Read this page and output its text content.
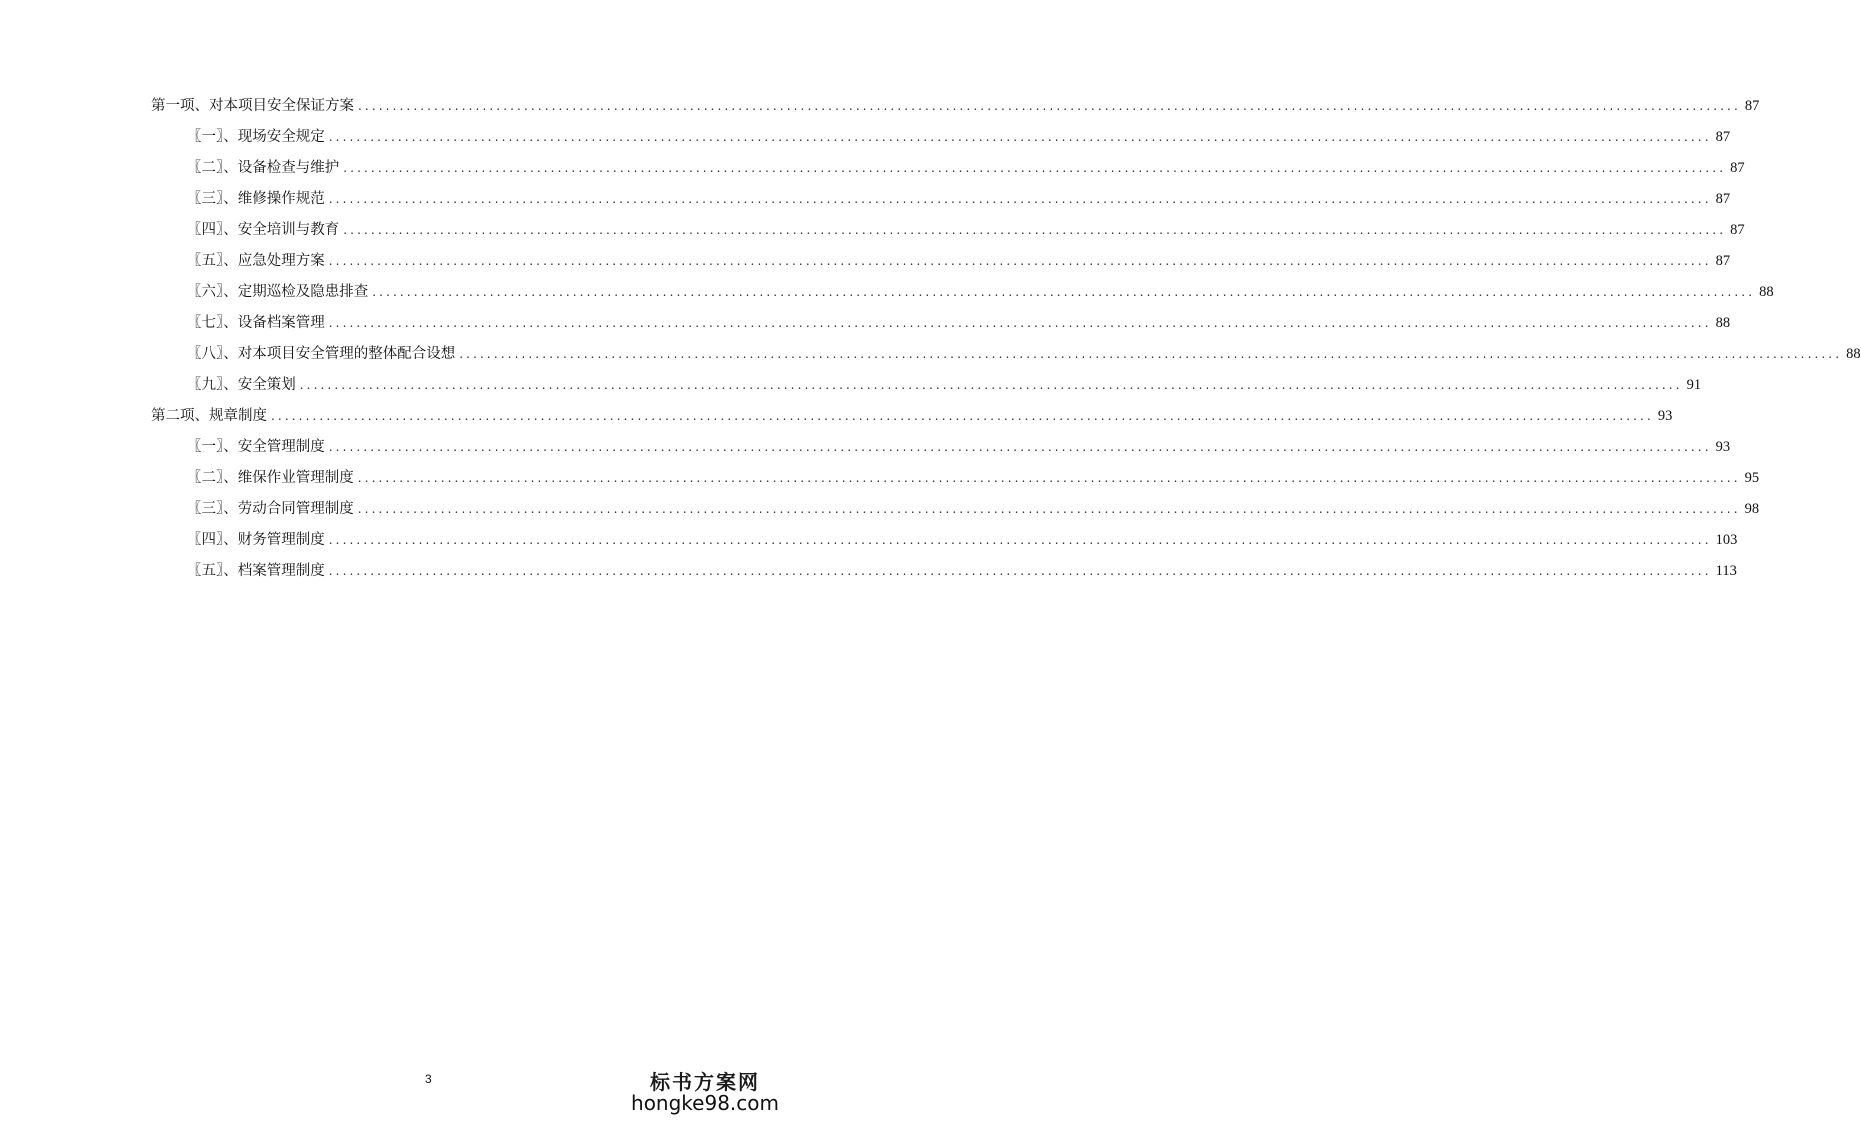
第一项、对本项目安全保证方案 ........................................................................................................................................................................................................ 87
〖一〗、现场安全规定 ........................................................................................................................................................................................................ 87
〖二〗、设备检查与维护 ........................................................................................................................................................................................................ 87
〖三〗、维修操作规范 ........................................................................................................................................................................................................ 87
〖四〗、安全培训与教育 ........................................................................................................................................................................................................ 87
〖五〗、应急处理方案 ........................................................................................................................................................................................................ 87
〖六〗、定期巡检及隐患排查 ........................................................................................................................................................................................................ 88
〖七〗、设备档案管理 ........................................................................................................................................................................................................ 88
〖八〗、对本项目安全管理的整体配合设想 ........................................................................................................................................................................................................ 88
〖九〗、安全策划 ........................................................................................................................................................................................................ 91
第二项、规章制度 ........................................................................................................................................................................................................ 93
〖一〗、安全管理制度 ........................................................................................................................................................................................................ 93
〖二〗、维保作业管理制度 ........................................................................................................................................................................................................ 95
〖三〗、劳动合同管理制度 ........................................................................................................................................................................................................ 98
〖四〗、财务管理制度 ........................................................................................................................................................................................................ 103
〖五〗、档案管理制度 ........................................................................................................................................................................................................ 113
3	标书方案网
hongke98.com
